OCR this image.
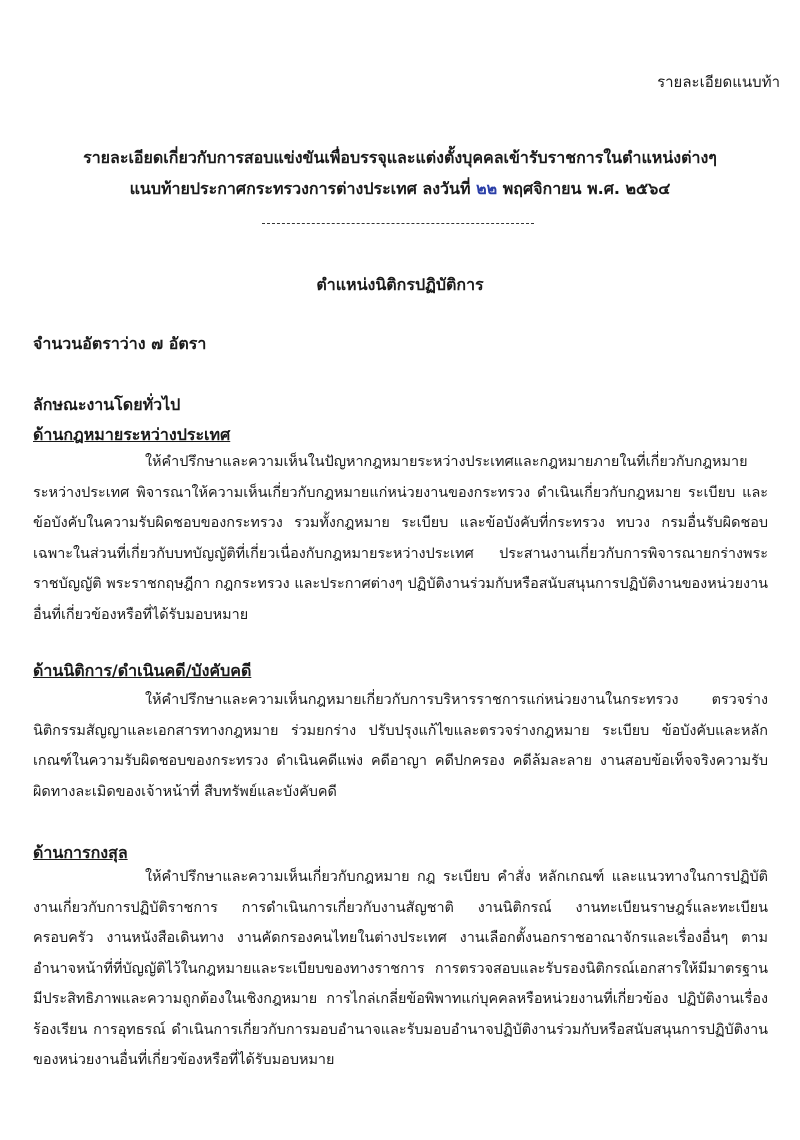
รายละเอียดแนบท้า
รายละเอียดเกี่ยวกับการสอบแข่งขันเพื่อบรรจุและแต่งตั้งบุคคลเข้ารับราชการในตำแหน่งต่างๆ
แนบท้ายประกาศกระทรวงการต่างประเทศ ลงวันที่ ๒๒ พฤศจิกายน พ.ศ. ๒๕๖๔
ตำแหน่งนิติกรปฏิบัติการ
จำนวนอัตราว่าง ๗ อัตรา
ลักษณะงานโดยทั่วไป
ด้านกฎหมายระหว่างประเทศ

ให้คำปรึกษาและความเห็นในปัญหากฎหมายระหว่างประเทศและกฎหมายภายในที่เกี่ยวกับกฎหมายระหว่างประเทศ พิจารณาให้ความเห็นเกี่ยวกับกฎหมายแก่หน่วยงานของกระทรวง ดำเนินเกี่ยวกับกฎหมาย ระเบียบ และข้อบังคับในความรับผิดชอบของกระทรวง รวมทั้งกฎหมาย ระเบียบ และข้อบังคับที่กระทรวง ทบวง กรมอื่นรับผิดชอบเฉพาะในส่วนที่เกี่ยวกับบทบัญญัติที่เกี่ยวเนื่องกับกฎหมายระหว่างประเทศ ประสานงานเกี่ยวกับการพิจารณายกร่างพระราชบัญญัติ พระราชกฤษฎีกา กฎกระทรวง และประกาศต่างๆ ปฏิบัติงานร่วมกับหรือสนับสนุนการปฏิบัติงานของหน่วยงานอื่นที่เกี่ยวข้องหรือที่ได้รับมอบหมาย

ด้านนิติการ/ดำเนินคดี/บังคับคดี

ให้คำปรึกษาและความเห็นกฎหมายเกี่ยวกับการบริหารราชการแก่หน่วยงานในกระทรวง ตรวจร่างนิติกรรมสัญญาและเอกสารทางกฎหมาย ร่วมยกร่าง ปรับปรุงแก้ไขและตรวจร่างกฎหมาย ระเบียบ ข้อบังคับและหลักเกณฑ์ในความรับผิดชอบของกระทรวง ดำเนินคดีแพ่ง คดีอาญา คดีปกครอง คดีล้มละลาย งานสอบข้อเท็จจริงความรับผิดทางละเมิดของเจ้าหน้าที่ สืบทรัพย์และบังคับคดี

ด้านการกงสุล

ให้คำปรึกษาและความเห็นเกี่ยวกับกฎหมาย กฎ ระเบียบ คำสั่ง หลักเกณฑ์ และแนวทางในการปฏิบัติงานเกี่ยวกับการปฏิบัติราชการ การดำเนินการเกี่ยวกับงานสัญชาติ งานนิติกรณ์ งานทะเบียนราษฎร์และทะเบียนครอบครัว งานหนังสือเดินทาง งานคัดกรองคนไทยในต่างประเทศ งานเลือกตั้งนอกราชอาณาจักรและเรื่องอื่นๆ ตามอำนาจหน้าที่ที่บัญญัติไว้ในกฎหมายและระเบียบของทางราชการ การตรวจสอบและรับรองนิติกรณ์เอกสารให้มีมาตรฐาน มีประสิทธิภาพและความถูกต้องในเชิงกฎหมาย การไกล่เกลี่ยข้อพิพาทแก่บุคคลหรือหน่วยงานที่เกี่ยวข้อง ปฏิบัติงานเรื่องร้องเรียน การอุทธรณ์ ดำเนินการเกี่ยวกับการมอบอำนาจและรับมอบอำนาจปฏิบัติงานร่วมกับหรือสนับสนุนการปฏิบัติงานของหน่วยงานอื่นที่เกี่ยวข้องหรือที่ได้รับมอบหมาย
